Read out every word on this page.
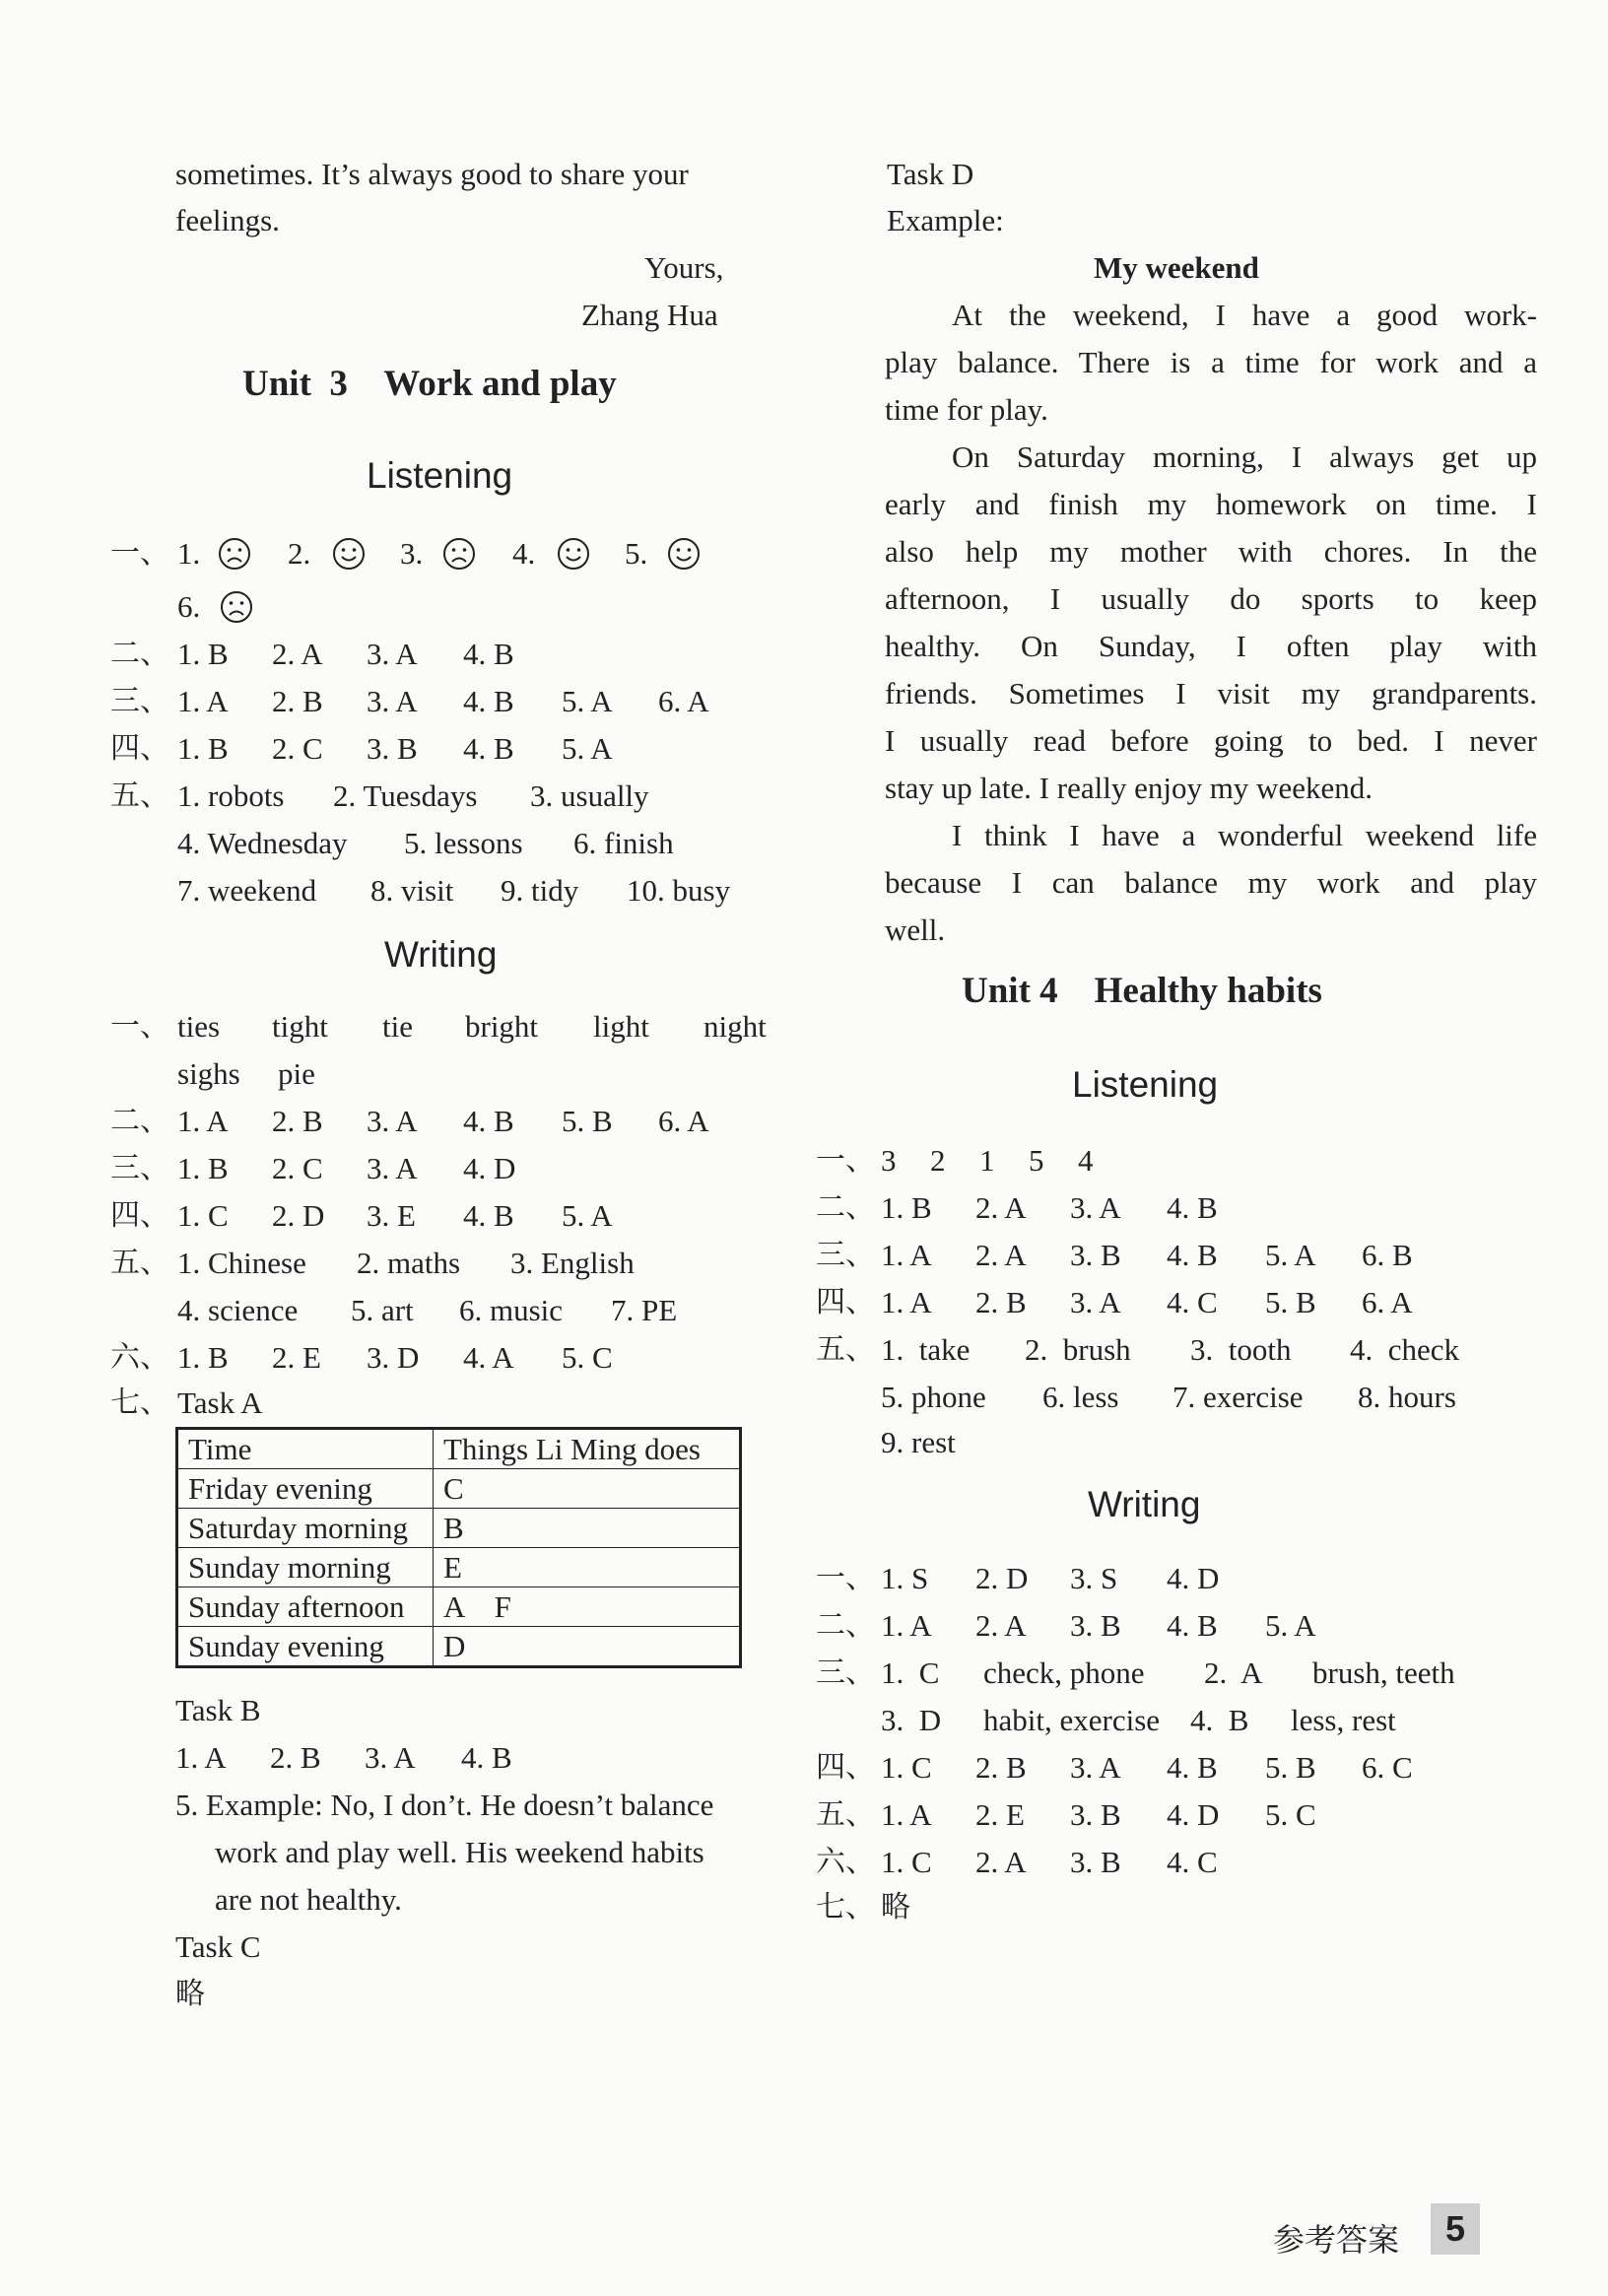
sometimes. It’s always good to share your
feelings.
Yours,
Zhang Hua
Unit  3    Work and play
Listening
一、 1.	2.	3.	4.	5.
6.
二、 1. B 2. A 3. A 4. B
三、 1. A 2. B 3. A 4. B 5. A 6. A
四、 1. B 2. C 3. B 4. B 5. A
五、 1. robots 2. Tuesdays 3. usually
4. Wednesday 5. lessons 6. finish
7. weekend 8. visit 9. tidy 10. busy
Writing
一、 ties tight tie bright light night
sighs pie
二、 1. A 2. B 3. A 4. B 5. B 6. A
三、 1. B 2. C 3. A 4. D
四、 1. C 2. D 3. E 4. B 5. A
五、 1. Chinese 2. maths 3. English
4. science 5. art 6. music 7. PE
六、 1. B 2. E 3. D 4. A 5. C
七、 Task A
Time	Things Li Ming does
Friday evening	C
Saturday morning	B
Sunday morning	E
Sunday afternoon	A    F
Sunday evening	D
Task B
1. A 2. B 3. A 4. B
5. Example: No, I don’t. He doesn’t balance
work and play well. His weekend habits
are not healthy.
Task C
略
Task D
Example:
My weekend
At the weekend, I have a good work-
play balance. There is a time for work and a
time for play.
On Saturday morning, I always get up
early and finish my homework on time. I
also help my mother with chores. In the
afternoon, I usually do sports to keep
healthy. On Sunday, I often play with
friends. Sometimes I visit my grandparents.
I usually read before going to bed. I never
stay up late. I really enjoy my weekend.
I think I have a wonderful weekend life
because I can balance my work and play
well.
Unit 4    Healthy habits
Listening
一、 3 2 1 5 4
二、 1. B 2. A 3. A 4. B
三、 1. A 2. A 3. B 4. B 5. A 6. B
四、 1. A 2. B 3. A 4. C 5. B 6. A
五、 1.  take 2.  brush 3.  tooth 4.  check
5. phone 6. less 7. exercise 8. hours
9. rest
Writing
一、 1. S 2. D 3. S 4. D
二、 1. A 2. A 3. B 4. B 5. A
三、 1.  C check, phone 2.  A brush, teeth
3.  D habit, exercise 4.  B less, rest
四、 1. C 2. B 3. A 4. B 5. B 6. C
五、 1. A 2. E 3. B 4. D 5. C
六、 1. C 2. A 3. B 4. C
七、 略
参考答案	5
